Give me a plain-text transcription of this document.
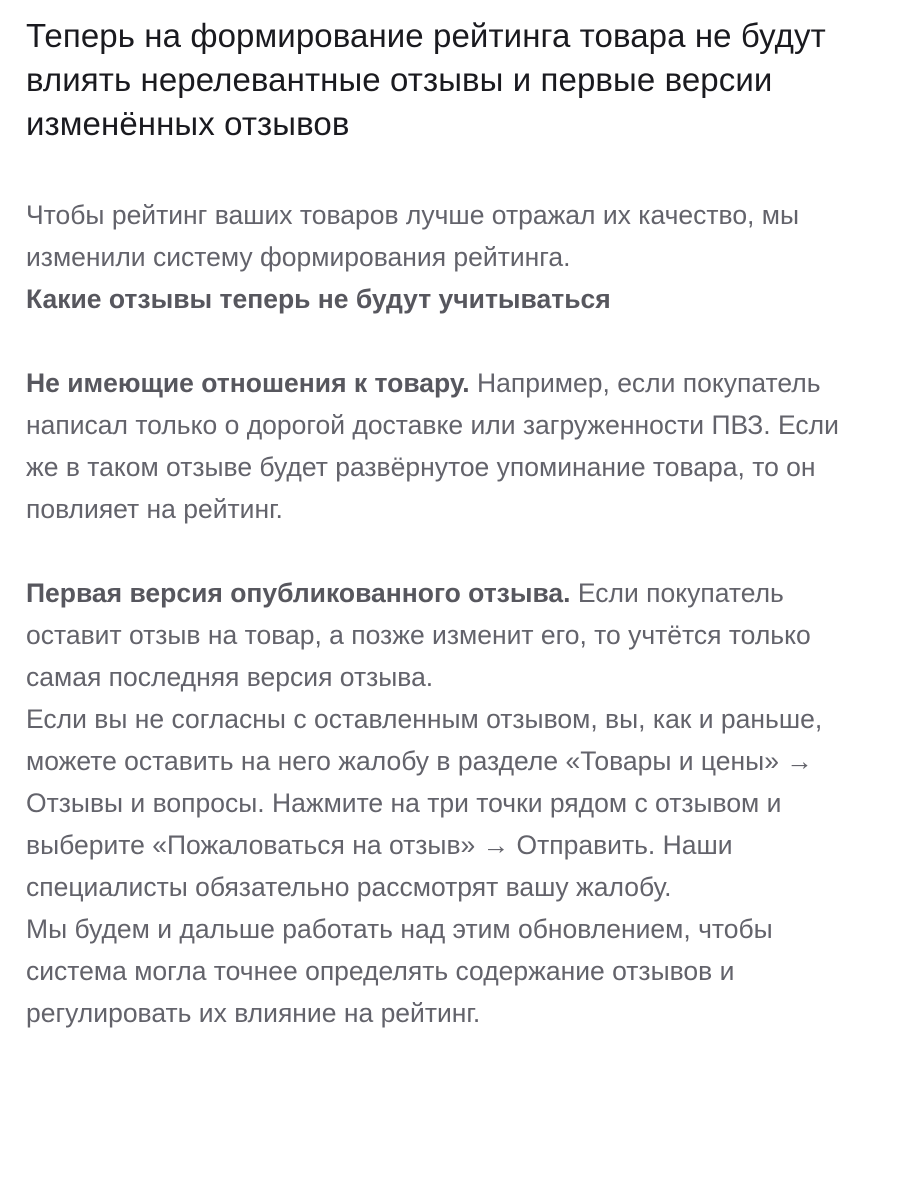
Теперь на формирование рейтинга товара не будут влиять нерелевантные отзывы и первые версии изменённых отзывов

Чтобы рейтинг ваших товаров лучше отражал их качество, мы изменили систему формирования рейтинга.

Какие отзывы теперь не будут учитываться

Не имеющие отношения к товару. Например, если покупатель написал только о дорогой доставке или загруженности ПВЗ. Если же в таком отзыве будет развёрнутое упоминание товара, то он повлияет на рейтинг.

Первая версия опубликованного отзыва. Если покупатель оставит отзыв на товар, а позже изменит его, то учтётся только самая последняя версия отзыва.

Если вы не согласны с оставленным отзывом, вы, как и раньше, можете оставить на него жалобу в разделе «Товары и цены» → Отзывы и вопросы. Нажмите на три точки рядом с отзывом и выберите «Пожаловаться на отзыв» → Отправить. Наши специалисты обязательно рассмотрят вашу жалобу.

Мы будем и дальше работать над этим обновлением, чтобы система могла точнее определять содержание отзывов и регулировать их влияние на рейтинг.
